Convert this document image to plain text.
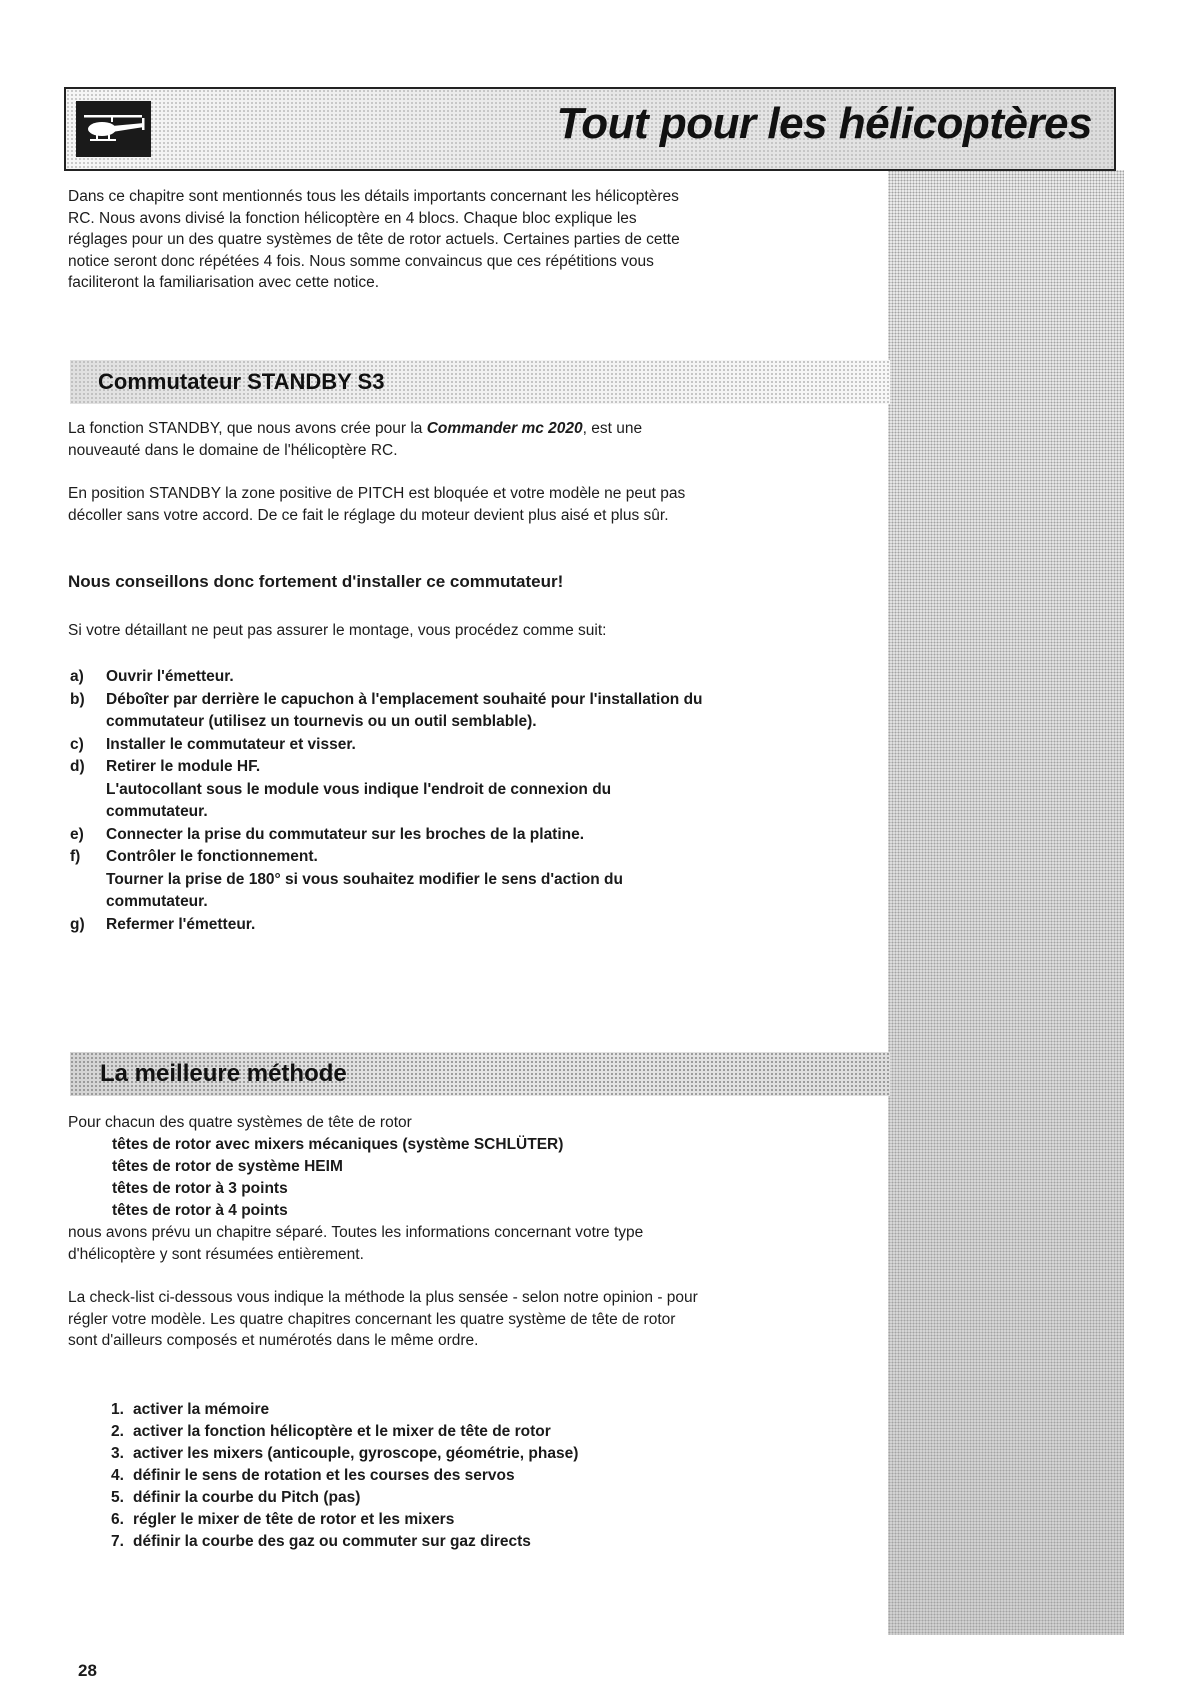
Tout pour les hélicoptères
Dans ce chapitre sont mentionnés tous les détails importants concernant les hélicoptères RC. Nous avons divisé la fonction hélicoptère en 4 blocs. Chaque bloc explique les réglages pour un des quatre systèmes de tête de rotor actuels. Certaines parties de cette notice seront donc répétées 4 fois. Nous somme convaincus que ces répétitions vous faciliteront la familiarisation avec cette notice.
Commutateur STANDBY S3
La fonction STANDBY, que nous avons crée pour la Commander mc 2020, est une nouveauté dans le domaine de l'hélicoptère RC.
En position STANDBY la zone positive de PITCH est bloquée et votre modèle ne peut pas décoller sans votre accord. De ce fait le réglage du moteur devient plus aisé et plus sûr.
Nous conseillons donc fortement d'installer ce commutateur!
Si votre détaillant ne peut pas assurer le montage, vous procédez comme suit:
a)	Ouvrir l'émetteur.
b)	Déboîter par derrière le capuchon à l'emplacement souhaité pour l'installation du commutateur (utilisez un tournevis ou un outil semblable).
c)	Installer le commutateur et visser.
d)	Retirer le module HF.
L'autocollant sous le module vous indique l'endroit de connexion du commutateur.
e)	Connecter la prise du commutateur sur les broches de la platine.
f)	Contrôler le fonctionnement.
Tourner la prise de 180° si vous souhaitez modifier le sens d'action du commutateur.
g)	Refermer l'émetteur.
La meilleure méthode
Pour chacun des quatre systèmes de tête de rotor
têtes de rotor avec mixers mécaniques (système SCHLÜTER)
têtes de rotor de système HEIM
têtes de rotor à 3 points
têtes de rotor à 4 points
nous avons prévu un chapitre séparé. Toutes les informations concernant votre type d'hélicoptère y sont résumées entièrement.
La check-list ci-dessous vous indique la méthode la plus sensée - selon notre opinion - pour régler votre modèle. Les quatre chapitres concernant les quatre système de tête de rotor sont d'ailleurs composés et numérotés dans le même ordre.
1. activer la mémoire
2. activer la fonction hélicoptère et le mixer de tête de rotor
3. activer les mixers (anticouple, gyroscope, géométrie, phase)
4. définir le sens de rotation et les courses des servos
5. définir la courbe du Pitch (pas)
6. régler le mixer de tête de rotor et les mixers
7. définir la courbe des gaz ou commuter sur gaz directs
28
